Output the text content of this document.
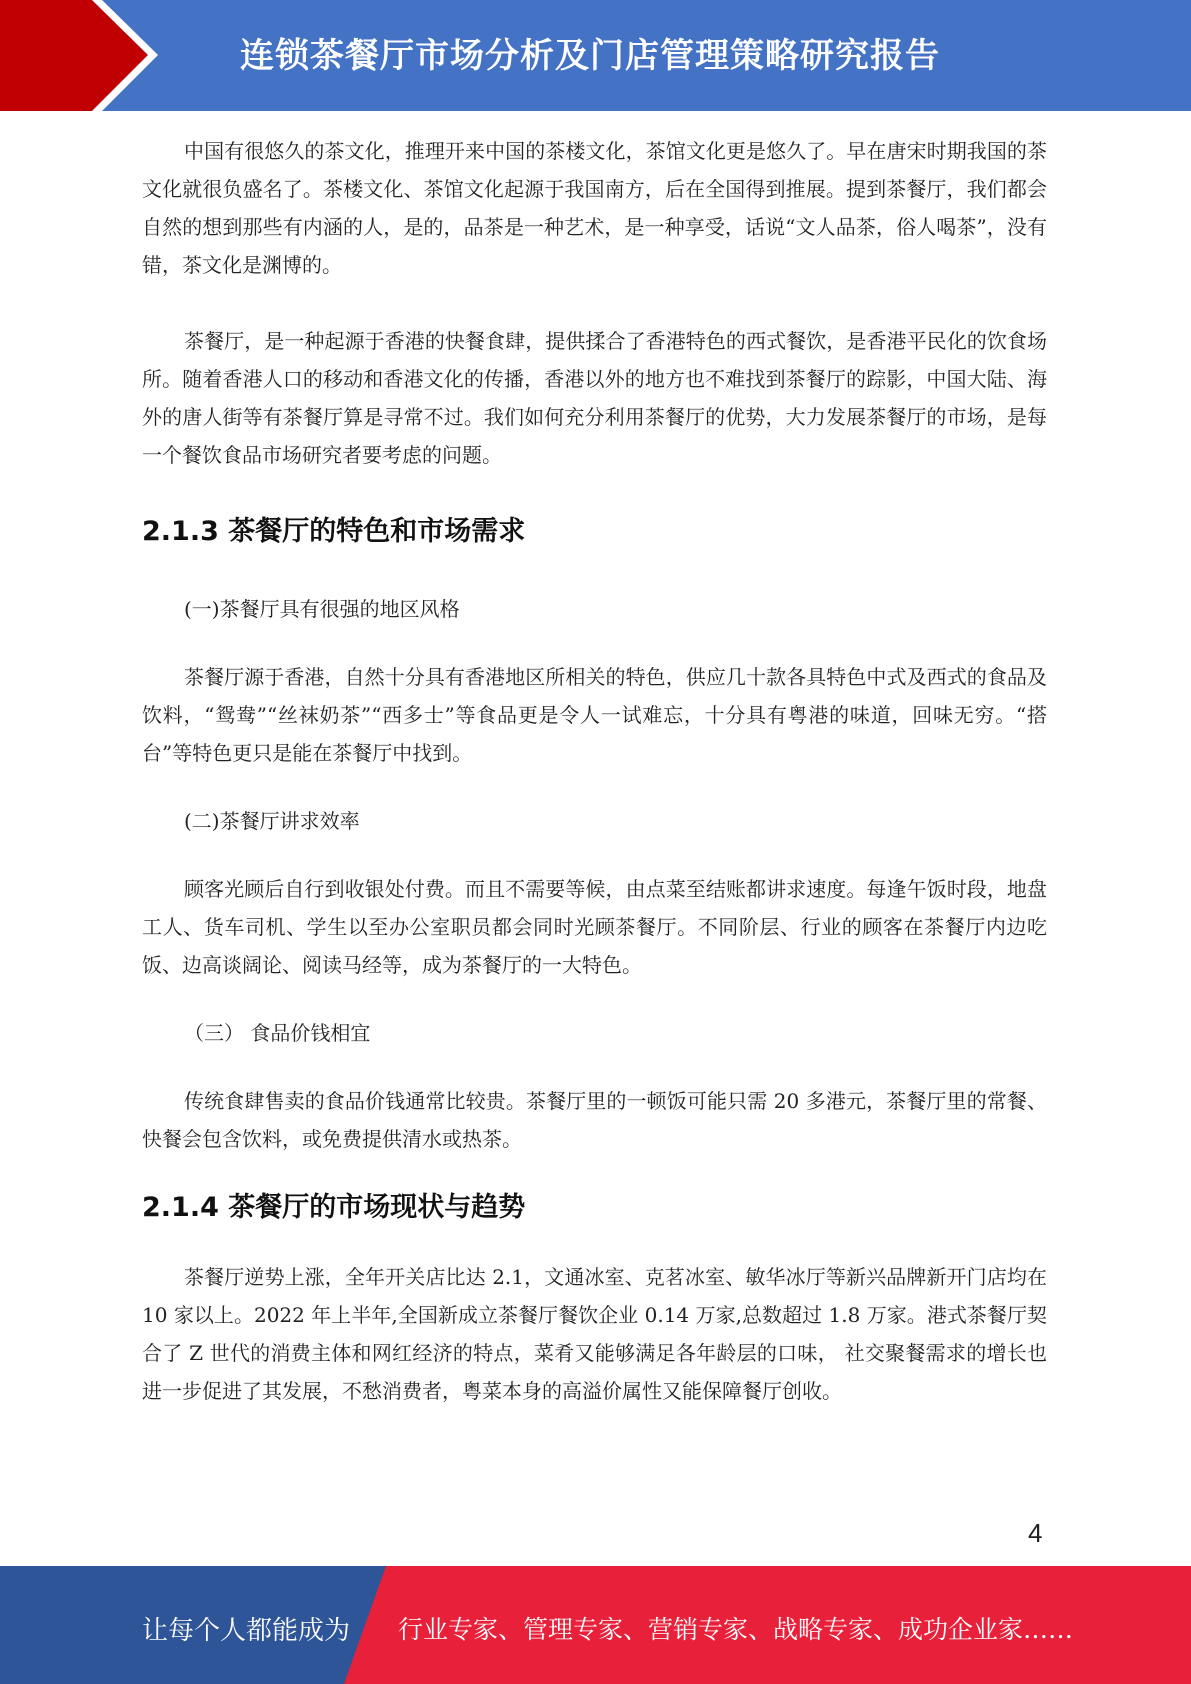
连锁茶餐厅市场分析及门店管理策略研究报告

中国有很悠久的茶文化，推理开来中国的茶楼文化，茶馆文化更是悠久了。早在唐宋时期我国的茶文化就很负盛名了。茶楼文化、茶馆文化起源于我国南方，后在全国得到推展。提到茶餐厅，我们都会自然的想到那些有内涵的人，是的，品茶是一种艺术，是一种享受，话说“文人品茶，俗人喝茶”，没有错，茶文化是渊博的。

茶餐厅，是一种起源于香港的快餐食肆，提供揉合了香港特色的西式餐饮，是香港平民化的饮食场所。随着香港人口的移动和香港文化的传播，香港以外的地方也不难找到茶餐厅的踪影，中国大陆、海外的唐人街等有茶餐厅算是寻常不过。我们如何充分利用茶餐厅的优势，大力发展茶餐厅的市场，是每一个餐饮食品市场研究者要考虑的问题。

2.1.3 茶餐厅的特色和市场需求

(一)茶餐厅具有很强的地区风格

茶餐厅源于香港，自然十分具有香港地区所相关的特色，供应几十款各具特色中式及西式的食品及饮料，“鸳鸯”“丝袜奶茶”“西多士”等食品更是令人一试难忘，十分具有粤港的味道，回味无穷。“搭台”等特色更只是能在茶餐厅中找到。

(二)茶餐厅讲求效率

顾客光顾后自行到收银处付费。而且不需要等候，由点菜至结账都讲求速度。每逢午饭时段，地盘工人、货车司机、学生以至办公室职员都会同时光顾茶餐厅。不同阶层、行业的顾客在茶餐厅内边吃饭、边高谈阔论、阅读马经等，成为茶餐厅的一大特色。

（三） 食品价钱相宜

传统食肆售卖的食品价钱通常比较贵。茶餐厅里的一顿饭可能只需 20 多港元，茶餐厅里的常餐、快餐会包含饮料，或免费提供清水或热茶。

2.1.4 茶餐厅的市场现状与趋势

茶餐厅逆势上涨，全年开关店比达 2.1，文通冰室、克茗冰室、敏华冰厅等新兴品牌新开门店均在 10 家以上。2022 年上半年,全国新成立茶餐厅餐饮企业 0.14 万家,总数超过 1.8 万家。港式茶餐厅契合了 Z 世代的消费主体和网红经济的特点，菜肴又能够满足各年龄层的口味， 社交聚餐需求的增长也进一步促进了其发展，不愁消费者，粤菜本身的高溢价属性又能保障餐厅创收。

4
让每个人都能成为 行业专家、管理专家、营销专家、战略专家、成功企业家……
